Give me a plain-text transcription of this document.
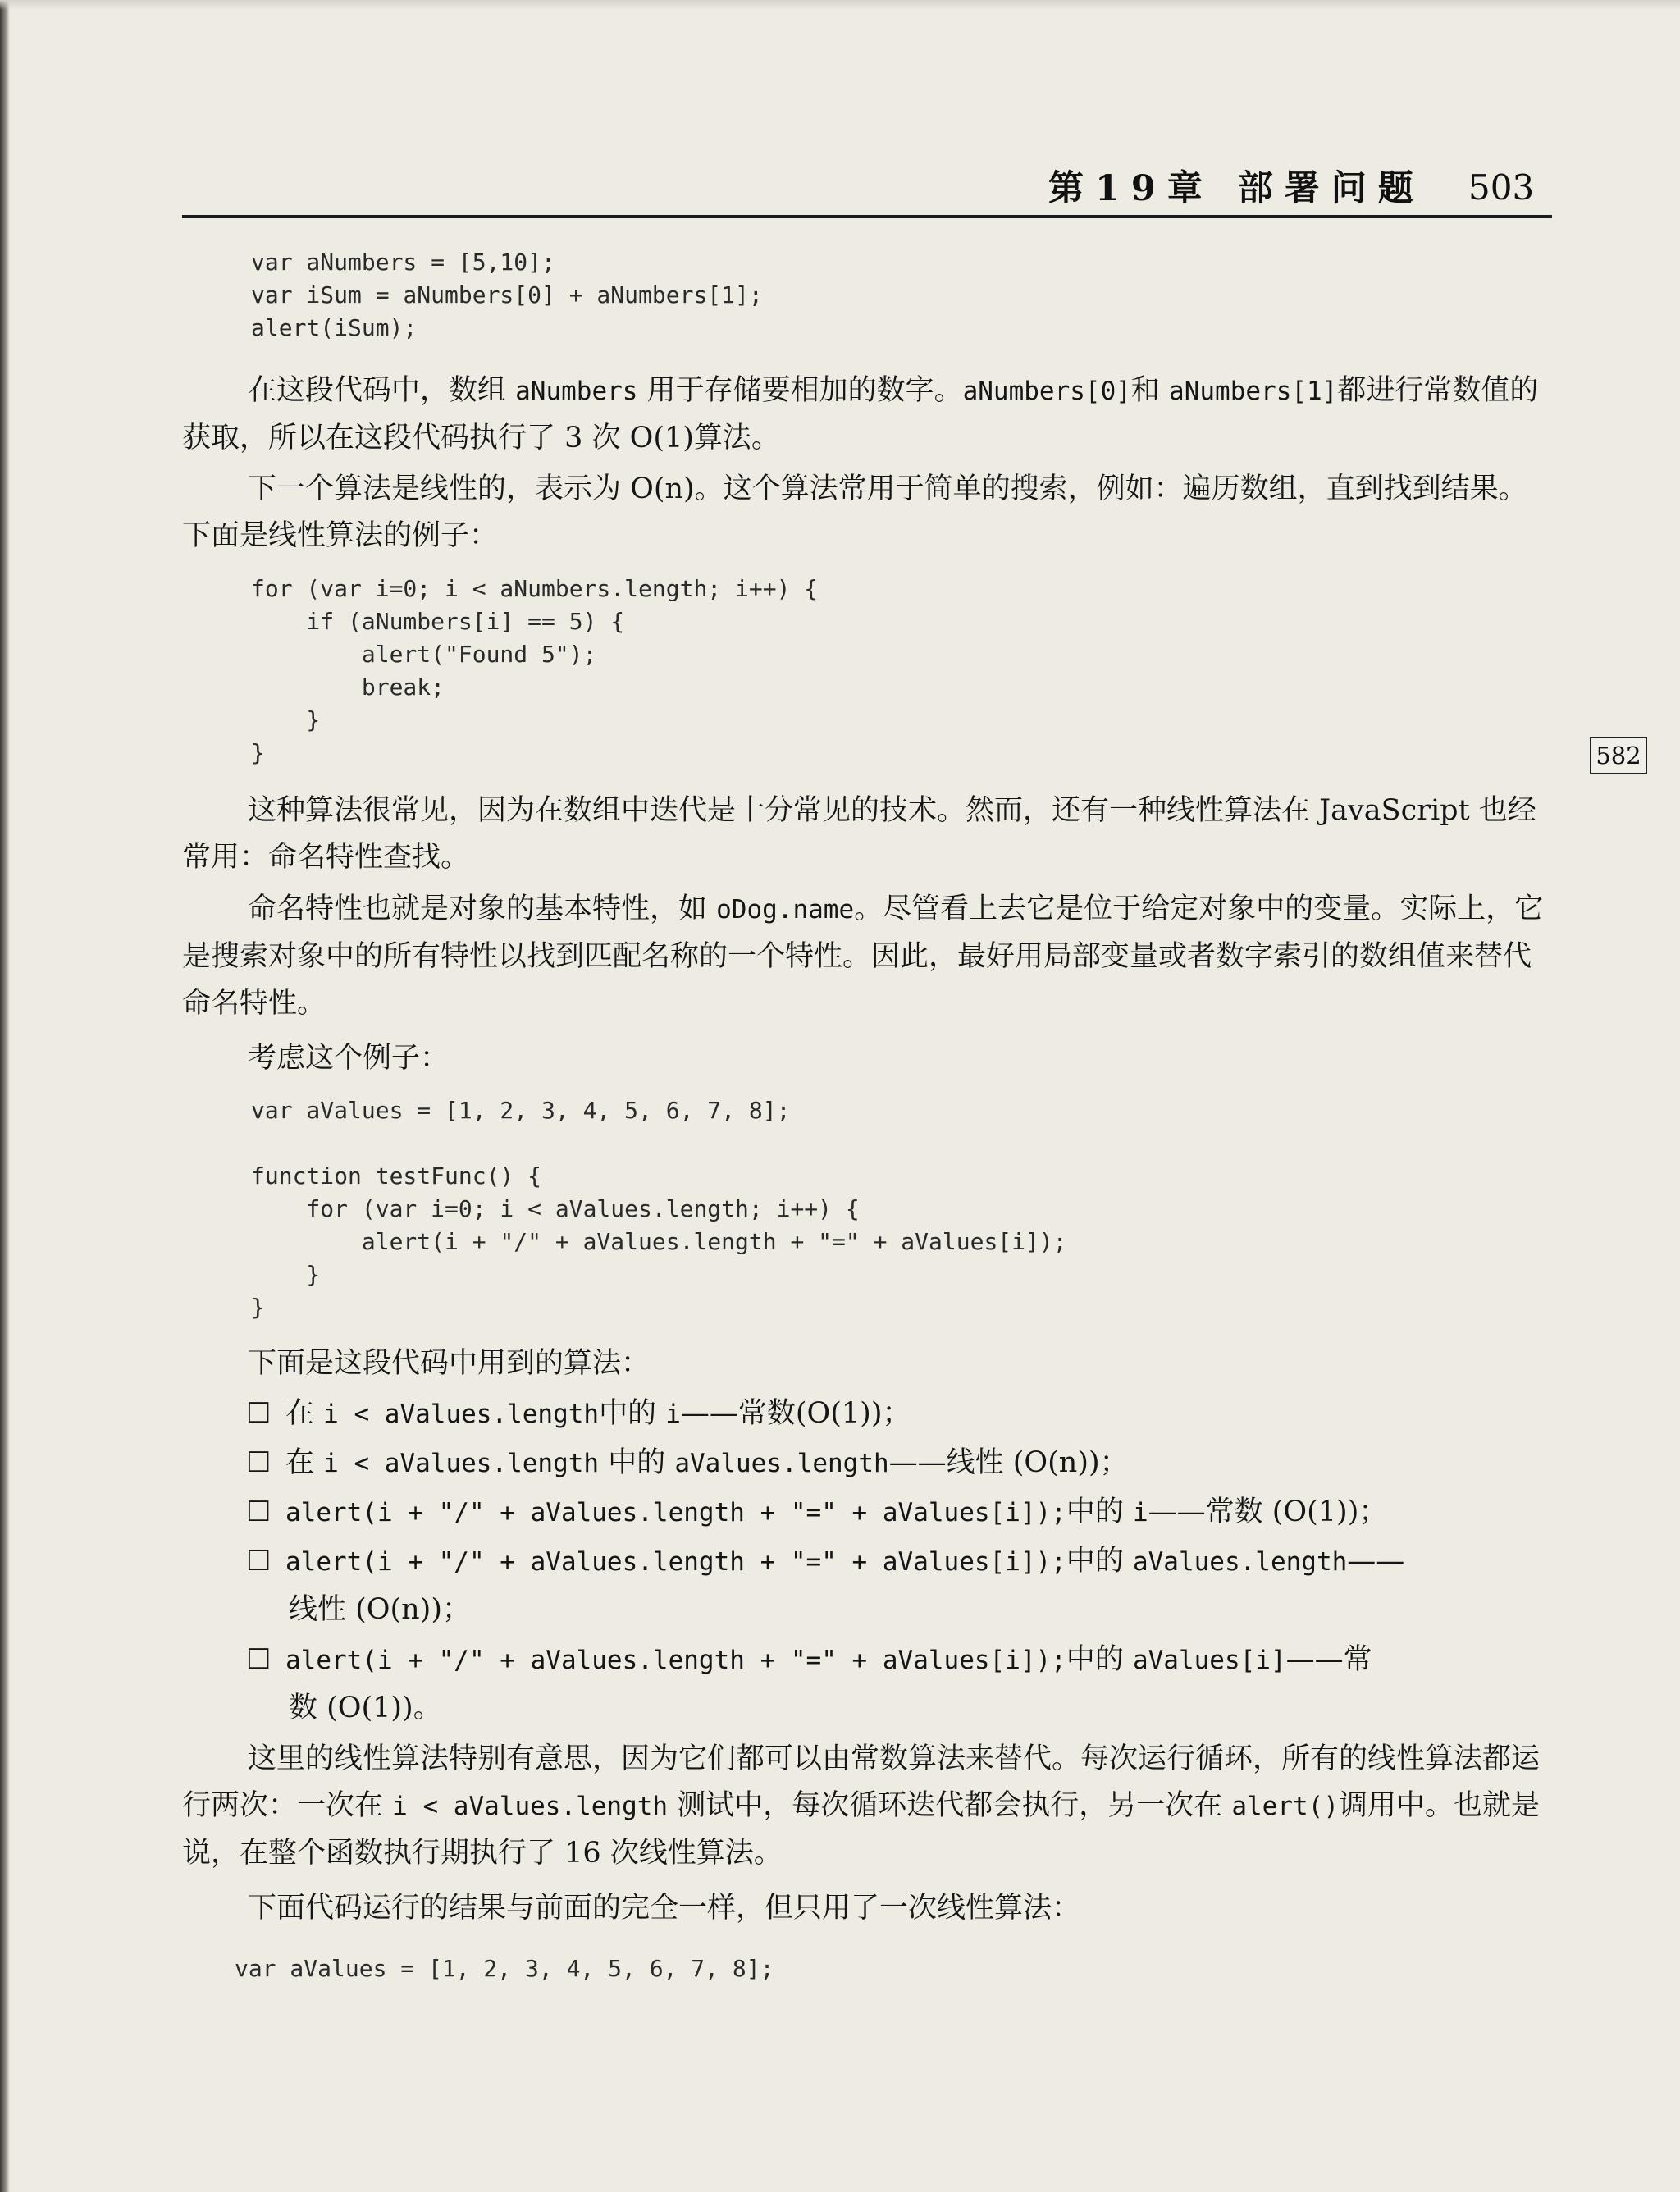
第19章 部署问题 503
582
var aNumbers = [5,10];
var iSum = aNumbers[0] + aNumbers[1];
alert(iSum);
在这段代码中，数组 aNumbers 用于存储要相加的数字。aNumbers[0]和 aNumbers[1]都进行常数值的获取，所以在这段代码执行了 3 次 O(1)算法。
下一个算法是线性的，表示为 O(n)。这个算法常用于简单的搜索，例如：遍历数组，直到找到结果。下面是线性算法的例子：
for (var i=0; i < aNumbers.length; i++) {
if (aNumbers[i] == 5) {
alert("Found 5");
break;
}
}
这种算法很常见，因为在数组中迭代是十分常见的技术。然而，还有一种线性算法在 JavaScript 也经常用：命名特性查找。
命名特性也就是对象的基本特性，如 oDog.name。尽管看上去它是位于给定对象中的变量。实际上，它是搜索对象中的所有特性以找到匹配名称的一个特性。因此，最好用局部变量或者数字索引的数组值来替代命名特性。
考虑这个例子：
var aValues = [1, 2, 3, 4, 5, 6, 7, 8];
function testFunc() {
for (var i=0; i < aValues.length; i++) {
alert(i + "/" + aValues.length + "=" + aValues[i]);
}
}
下面是这段代码中用到的算法：
☐ 在 i < aValues.length中的 i——常数(O(1))；
☐ 在 i < aValues.length 中的 aValues.length——线性 (O(n))；
☐ alert(i + "/" + aValues.length + "=" + aValues[i]);中的 i——常数 (O(1))；
☐ alert(i + "/" + aValues.length + "=" + aValues[i]);中的 aValues.length——
线性 (O(n))；
☐ alert(i + "/" + aValues.length + "=" + aValues[i]);中的 aValues[i]——常
数 (O(1))。
这里的线性算法特别有意思，因为它们都可以由常数算法来替代。每次运行循环，所有的线性算法都运行两次：一次在 i < aValues.length 测试中，每次循环迭代都会执行，另一次在 alert()调用中。也就是说，在整个函数执行期执行了 16 次线性算法。
下面代码运行的结果与前面的完全一样，但只用了一次线性算法：
var aValues = [1, 2, 3, 4, 5, 6, 7, 8];
